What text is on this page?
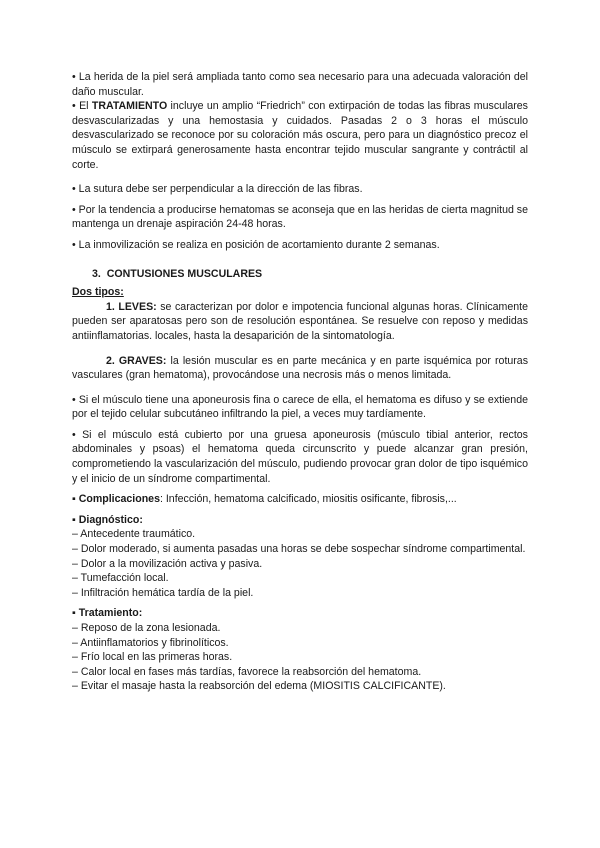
• La herida de la piel será ampliada tanto como sea necesario para una adecuada valoración del daño muscular.

• El TRATAMIENTO incluye un amplio “Friedrich” con extirpación de todas las fibras musculares desvascularizadas y una hemostasia y cuidados. Pasadas 2 o 3 horas el músculo desvascularizado se reconoce por su coloración más oscura, pero para un diagnóstico precoz el músculo se extirpará generosamente hasta encontrar tejido muscular sangrante y contráctil al corte.

• La sutura debe ser perpendicular a la dirección de las fibras.

• Por la tendencia a producirse hematomas se aconseja que en las heridas de cierta magnitud se mantenga un drenaje aspiración 24-48 horas.

• La inmovilización se realiza en posición de acortamiento durante 2 semanas.

3. CONTUSIONES MUSCULARES

Dos tipos:

1. LEVES: se caracterizan por dolor e impotencia funcional algunas horas. Clínicamente pueden ser aparatosas pero son de resolución espontánea. Se resuelve con reposo y medidas antiinflamatorias. locales, hasta la desaparición de la sintomatología.

2. GRAVES: la lesión muscular es en parte mecánica y en parte isquémica por roturas vasculares (gran hematoma), provocándose una necrosis más o menos limitada.

• Si el músculo tiene una aponeurosis fina o carece de ella, el hematoma es difuso y se extiende por el tejido celular subcutáneo infiltrando la piel, a veces muy tardíamente.

• Si el músculo está cubierto por una gruesa aponeurosis (músculo tibial anterior, rectos abdominales y psoas) el hematoma queda circunscrito y puede alcanzar gran presión, comprometiendo la vascularización del músculo, pudiendo provocar gran dolor de tipo isquémico y el inicio de un síndrome compartimental.

▪ Complicaciones: Infección, hematoma calcificado, miositis osificante, fibrosis,...

▪ Diagnóstico:

– Antecedente traumático.

– Dolor moderado, si aumenta pasadas una horas se debe sospechar síndrome compartimental.

– Dolor a la movilización activa y pasiva.

– Tumefacción local.

– Infiltración hemática tardía de la piel.

▪ Tratamiento:

– Reposo de la zona lesionada.

– Antiinflamatorios y fibrinolíticos.

– Frío local en las primeras horas.

– Calor local en fases más tardías, favorece la reabsorción del hematoma.

– Evitar el masaje hasta la reabsorción del edema (MIOSITIS CALCIFICANTE).
